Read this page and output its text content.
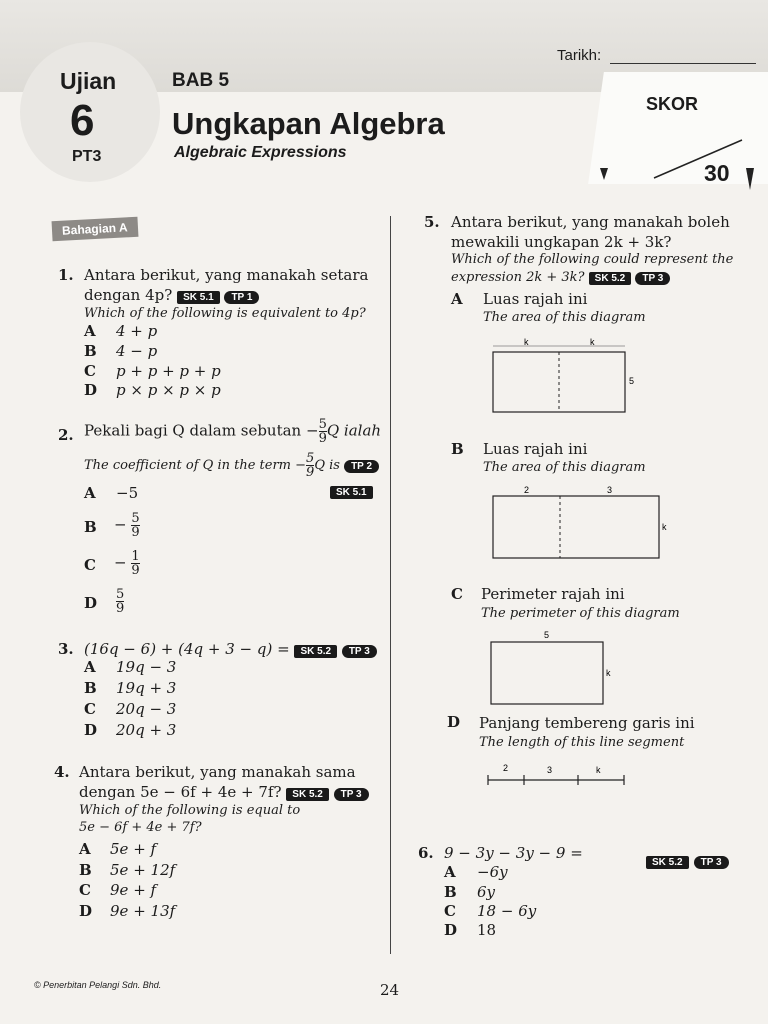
Ujian
6
PT3
BAB 5
Ungkapan Algebra
Algebraic Expressions
Tarikh:
SKOR
30
Bahagian A
1. Antara berikut, yang manakah setara
dengan 4p? SK 5.1 TP 1
Which of the following is equivalent to 4p?
A 4 + p
B 4 − p
C p + p + p + p
D p × p × p × p
2. Pekali bagi Q dalam sebutan − $\frac{5}{9}$ Q ialah
The coefficient of Q in the term − $\frac{5}{9}$ Q is TP 2
SK 5.1
A −5
$B - \frac{5}{9}$
$C - \frac{1}{9}$
D $\frac{5}{9}$
3. (16q − 6) + (4q + 3 − q) = SK 5.2 TP 3
A 19q − 3
B 19q + 3
C 20q − 3
D 20q + 3
4. Antara berikut, yang manakah sama
dengan 5e − 6f + 4e + 7f? SK 5.2 TP 3
Which of the following is equal to
5e − 6f + 4e + 7f?
A 5e + f
B 5e + 12f
C 9e + f
D 9e + 13f
5. Antara berikut, yang manakah boleh
mewakili ungkapan 2k + 3k?
Which of the following could represent the
expression 2k + 3k? SK 5.2 TP 3
A Luas rajah ini
The area of this diagram
k	k
5
B Luas rajah ini
The area of this diagram
2	3
k
C Perimeter rajah ini
The perimeter of this diagram
5
k
D Panjang tembereng garis ini
The length of this line segment
2	3	k
6. 9 − 3y − 3y − 9 =
SK 5.2 TP 3
A −6y
B 6y
C 18 − 6y
D 18
© Penerbitan Pelangi Sdn. Bhd.	24
